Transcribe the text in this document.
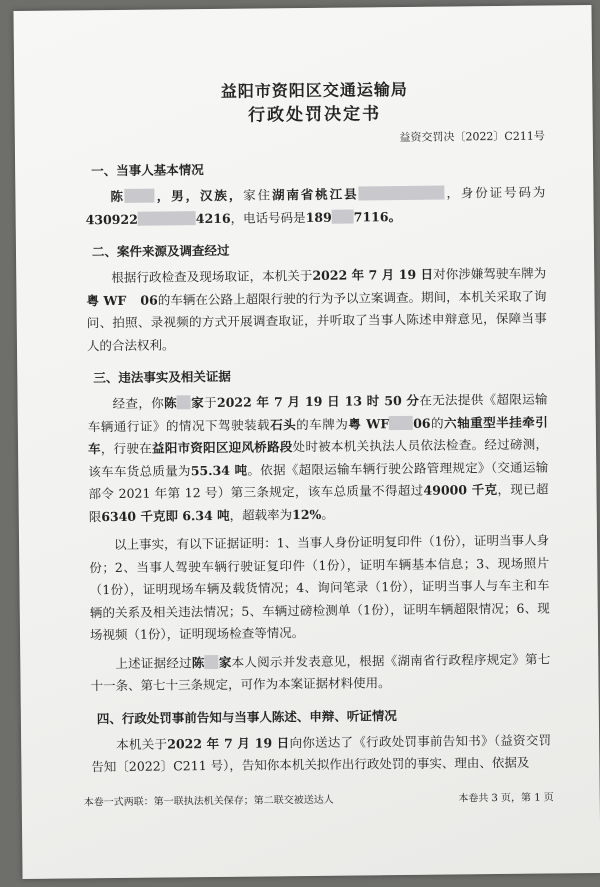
益阳市资阳区交通运输局
行政处罚决定书
益资交罚决〔2022〕C211号
一、当事人基本情况

陈 ，男，汉族，家住湖南省桃江县	，身份证号码为430922	4216，电话号码是189 7116。

二、案件来源及调查经过

根据行政检查及现场取证，本机关于2022 年 7 月 19 日对你涉嫌驾驶车牌为粤 WF 06的车辆在公路上超限行驶的行为予以立案调查。期间，本机关采取了询问、拍照、录视频的方式开展调查取证，并听取了当事人陈述申辩意见，保障当事人的合法权利。

三、违法事实及相关证据

经查，你陈 家于2022 年 7 月 19 日 13 时 50 分在无法提供《超限运输车辆通行证》的情况下驾驶装载石头的车牌为粤 WF 06的六轴重型半挂牵引车，行驶在益阳市资阳区迎风桥路段处时被本机关执法人员依法检查。经过磅测，该车车货总质量为55.34 吨。依据《超限运输车辆行驶公路管理规定》（交通运输部令 2021 年第 12 号）第三条规定，该车总质量不得超过49000 千克，现已超限6340 千克即 6.34 吨，超载率为12%。

以上事实，有以下证据证明：1、当事人身份证明复印件（1份），证明当事人身份；2、当事人驾驶车辆行驶证复印件（1份），证明车辆基本信息；3、现场照片（1份），证明现场车辆及载货情况；4、询问笔录（1份），证明当事人与车主和车辆的关系及相关违法情况；5、车辆过磅检测单（1份），证明车辆超限情况；6、现场视频（1份），证明现场检查等情况。

上述证据经过陈 家本人阅示并发表意见，根据《湖南省行政程序规定》第七十一条、第七十三条规定，可作为本案证据材料使用。

四、行政处罚事前告知与当事人陈述、申辩、听证情况

本机关于2022 年 7 月 19 日向你送达了《行政处罚事前告知书》（益资交罚告知〔2022〕C211 号），告知你本机关拟作出行政处罚的事实、理由、依据及

本卷一式两联：第一联执法机关保存；第二联交被送达人	本卷共 3 页，第 1 页
